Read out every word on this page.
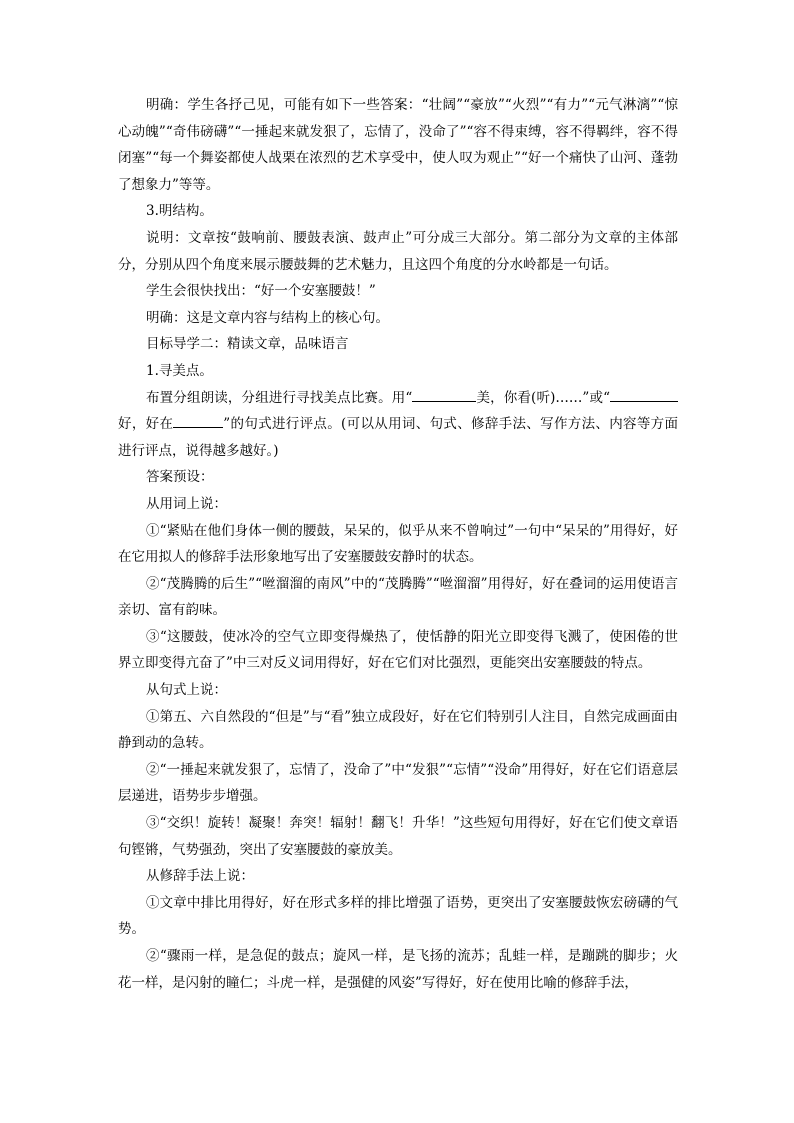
明确：学生各抒己见，可能有如下一些答案：“壮阔”“豪放”“火烈”“有力”“元气淋漓”“惊心动魄”“奇伟磅礴”“一捶起来就发狠了，忘情了，没命了”“容不得束缚，容不得羁绊，容不得闭塞”“每一个舞姿都使人战栗在浓烈的艺术享受中，使人叹为观止”“好一个痛快了山河、蓬勃了想象力”等等。

3.明结构。

说明：文章按“鼓响前、腰鼓表演、鼓声止”可分成三大部分。第二部分为文章的主体部分，分别从四个角度来展示腰鼓舞的艺术魅力，且这四个角度的分水岭都是一句话。

学生会很快找出：“好一个安塞腰鼓！”

明确：这是文章内容与结构上的核心句。

目标导学二：精读文章，品味语言

1.寻美点。

布置分组朗读，分组进行寻找美点比赛。用“	美，你看(听)……”或“好，好在	”的句式进行评点。(可以从用词、句式、修辞手法、写作方法、内容等方面进行评点，说得越多越好。)

答案预设：

从用词上说：

①“紧贴在他们身体一侧的腰鼓，呆呆的，似乎从来不曾响过”一句中“呆呆的”用得好，好在它用拟人的修辞手法形象地写出了安塞腰鼓安静时的状态。

②“茂腾腾的后生”“咝溜溜的南风”中的“茂腾腾”“咝溜溜”用得好，好在叠词的运用使语言亲切、富有韵味。

③“这腰鼓，使冰冷的空气立即变得燥热了，使恬静的阳光立即变得飞溅了，使困倦的世界立即变得亢奋了”中三对反义词用得好，好在它们对比强烈，更能突出安塞腰鼓的特点。

从句式上说：

①第五、六自然段的“但是”与“看”独立成段好，好在它们特别引人注目，自然完成画面由静到动的急转。

②“一捶起来就发狠了，忘情了，没命了”中“发狠”“忘情”“没命”用得好，好在它们语意层层递进，语势步步增强。

③“交织！旋转！凝聚！奔突！辐射！翻飞！升华！”这些短句用得好，好在它们使文章语句铿锵，气势强劲，突出了安塞腰鼓的豪放美。

从修辞手法上说：

①文章中排比用得好，好在形式多样的排比增强了语势，更突出了安塞腰鼓恢宏磅礴的气势。

②“骤雨一样，是急促的鼓点；旋风一样，是飞扬的流苏；乱蛙一样，是蹦跳的脚步；火花一样，是闪射的瞳仁；斗虎一样，是强健的风姿”写得好，好在使用比喻的修辞手法，
